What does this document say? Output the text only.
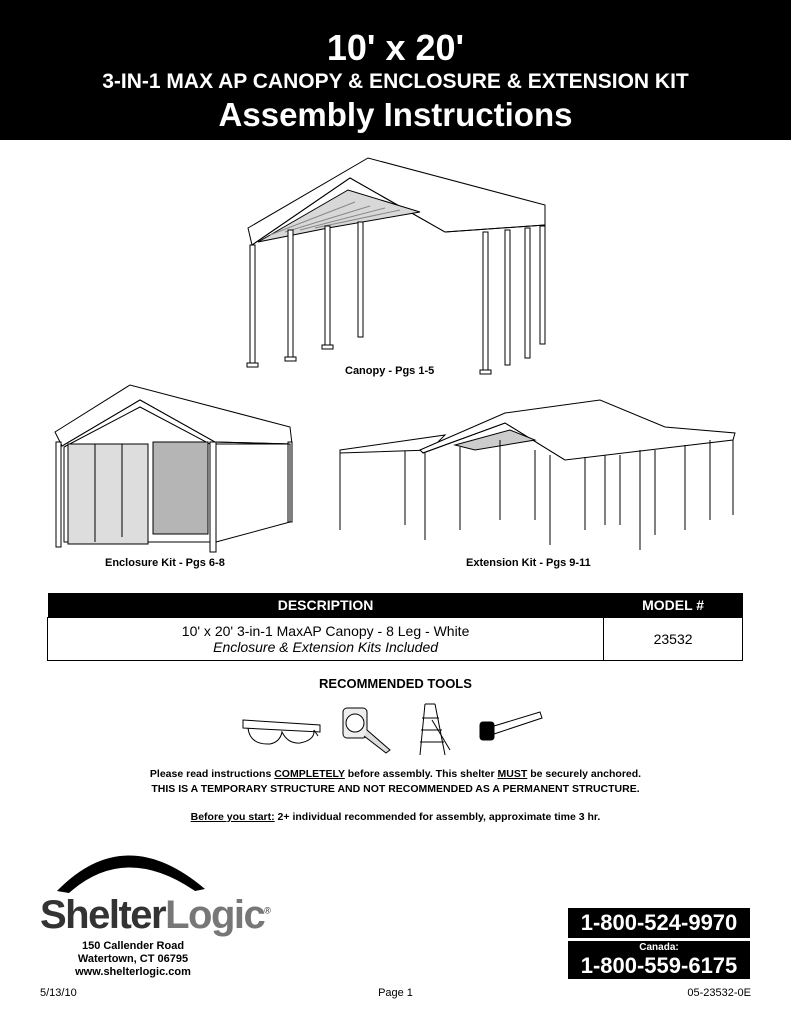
10' x 20'
3-IN-1 MAX AP CANOPY & ENCLOSURE & EXTENSION KIT
Assembly Instructions
Canopy - Pgs 1-5
Enclosure Kit - Pgs 6-8	Extension Kit - Pgs 9-11
DESCRIPTION	MODEL #

10' x 20' 3-in-1 MaxAP Canopy - 8 Leg - White
Enclosure & Extension Kits Included	23532
RECOMMENDED TOOLS
Please read instructions COMPLETELY before assembly. This shelter MUST be securely anchored.
THIS IS A TEMPORARY STRUCTURE AND NOT RECOMMENDED AS A PERMANENT STRUCTURE.
Before you start: 2+ individual recommended for assembly, approximate time 3 hr.
ShelterLogic®
150 Callender Road
Watertown, CT 06795
www.shelterlogic.com
1-800-524-9970
Canada:
1-800-559-6175
5/13/10	Page 1	05-23532-0E
